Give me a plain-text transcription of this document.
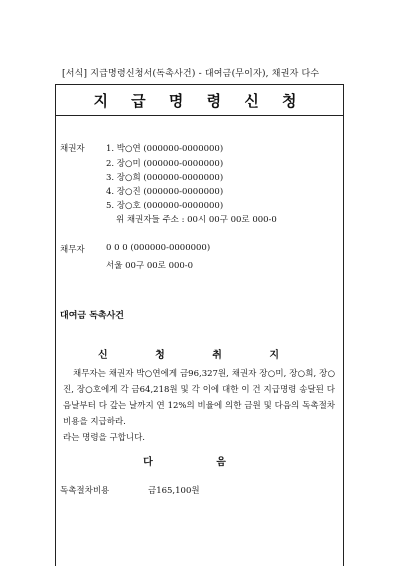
[서식] 지급명령신청서(독촉사건) - 대여금(무이자), 채권자 다수
지 급 명 령 신 청
채권자	1. 박○연 (000000-0000000)
2. 장○미 (000000-0000000)
3. 장○희 (000000-0000000)
4. 장○진 (000000-0000000)
5. 장○호 (000000-0000000)
위 채권자들 주소 : 00시 00구 00로 000-0
채무자	0 0 0 (000000-0000000)
서울 00구 00로 000-0
대여금 독촉사건
신 청 취 지

채무자는 채권자 박○연에게 금96,327원, 채권자 장○미, 장○희, 장○진, 장○호에게 각 금64,218원 및 각 이에 대한 이 건 지급명령 송달된 다음날부터 다 갚는 날까지 연 12%의 비율에 의한 금원 및 다음의 독촉절차 비용을 지급하라.

라는 명령을 구합니다.

다 음
독촉절차비용	금165,100원
